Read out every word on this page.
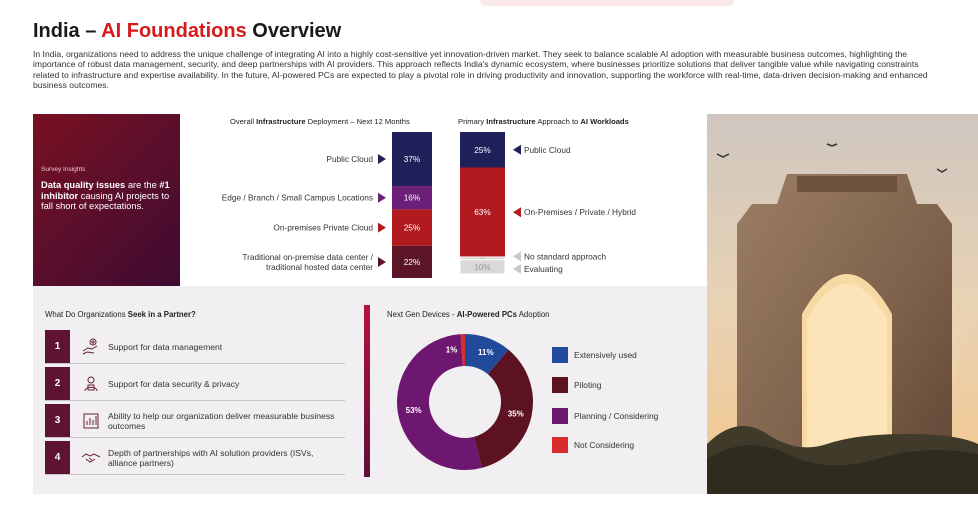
India – AI Foundations Overview

In India, organizations need to address the unique challenge of integrating AI into a highly cost-sensitive yet innovation-driven market. They seek to balance scalable AI adoption with measurable business outcomes, highlighting the importance of robust data management, security, and deep partnerships with AI providers. This approach reflects India's dynamic ecosystem, where businesses prioritize solutions that deliver tangible value while navigating constraints related to infrastructure and expertise availability. In the future, AI-powered PCs are expected to play a pivotal role in driving productivity and innovation, supporting the workforce with real-time, data-driven decision-making and enhanced business outcomes.

Survey Insights
Data quality issues are the #1 inhibitor causing AI projects to fall short of expectations.
Overall Infrastructure Deployment – Next 12 Months
37%
Public Cloud
16%
Edge / Branch / Small Campus Locations
25%
On-premises Private Cloud
22%
Traditional on-premise data center /
traditional hosted data center
Primary Infrastructure Approach to AI Workloads
25%
63%
10%
Public Cloud
On-Premises / Private / Hybrid
No standard approach
Evaluating
What Do Organizations Seek in a Partner?
1	Support for data management
2	Support for data security & privacy
3	Ability to help our organization deliver measurable business outcomes
4	Depth of partnerships with AI solution providers (ISVs, alliance partners)
Next Gen Devices - AI-Powered PCs Adoption
11%
35%
53%
1%	Extensively used
Piloting
Planning / Considering
Not Considering
